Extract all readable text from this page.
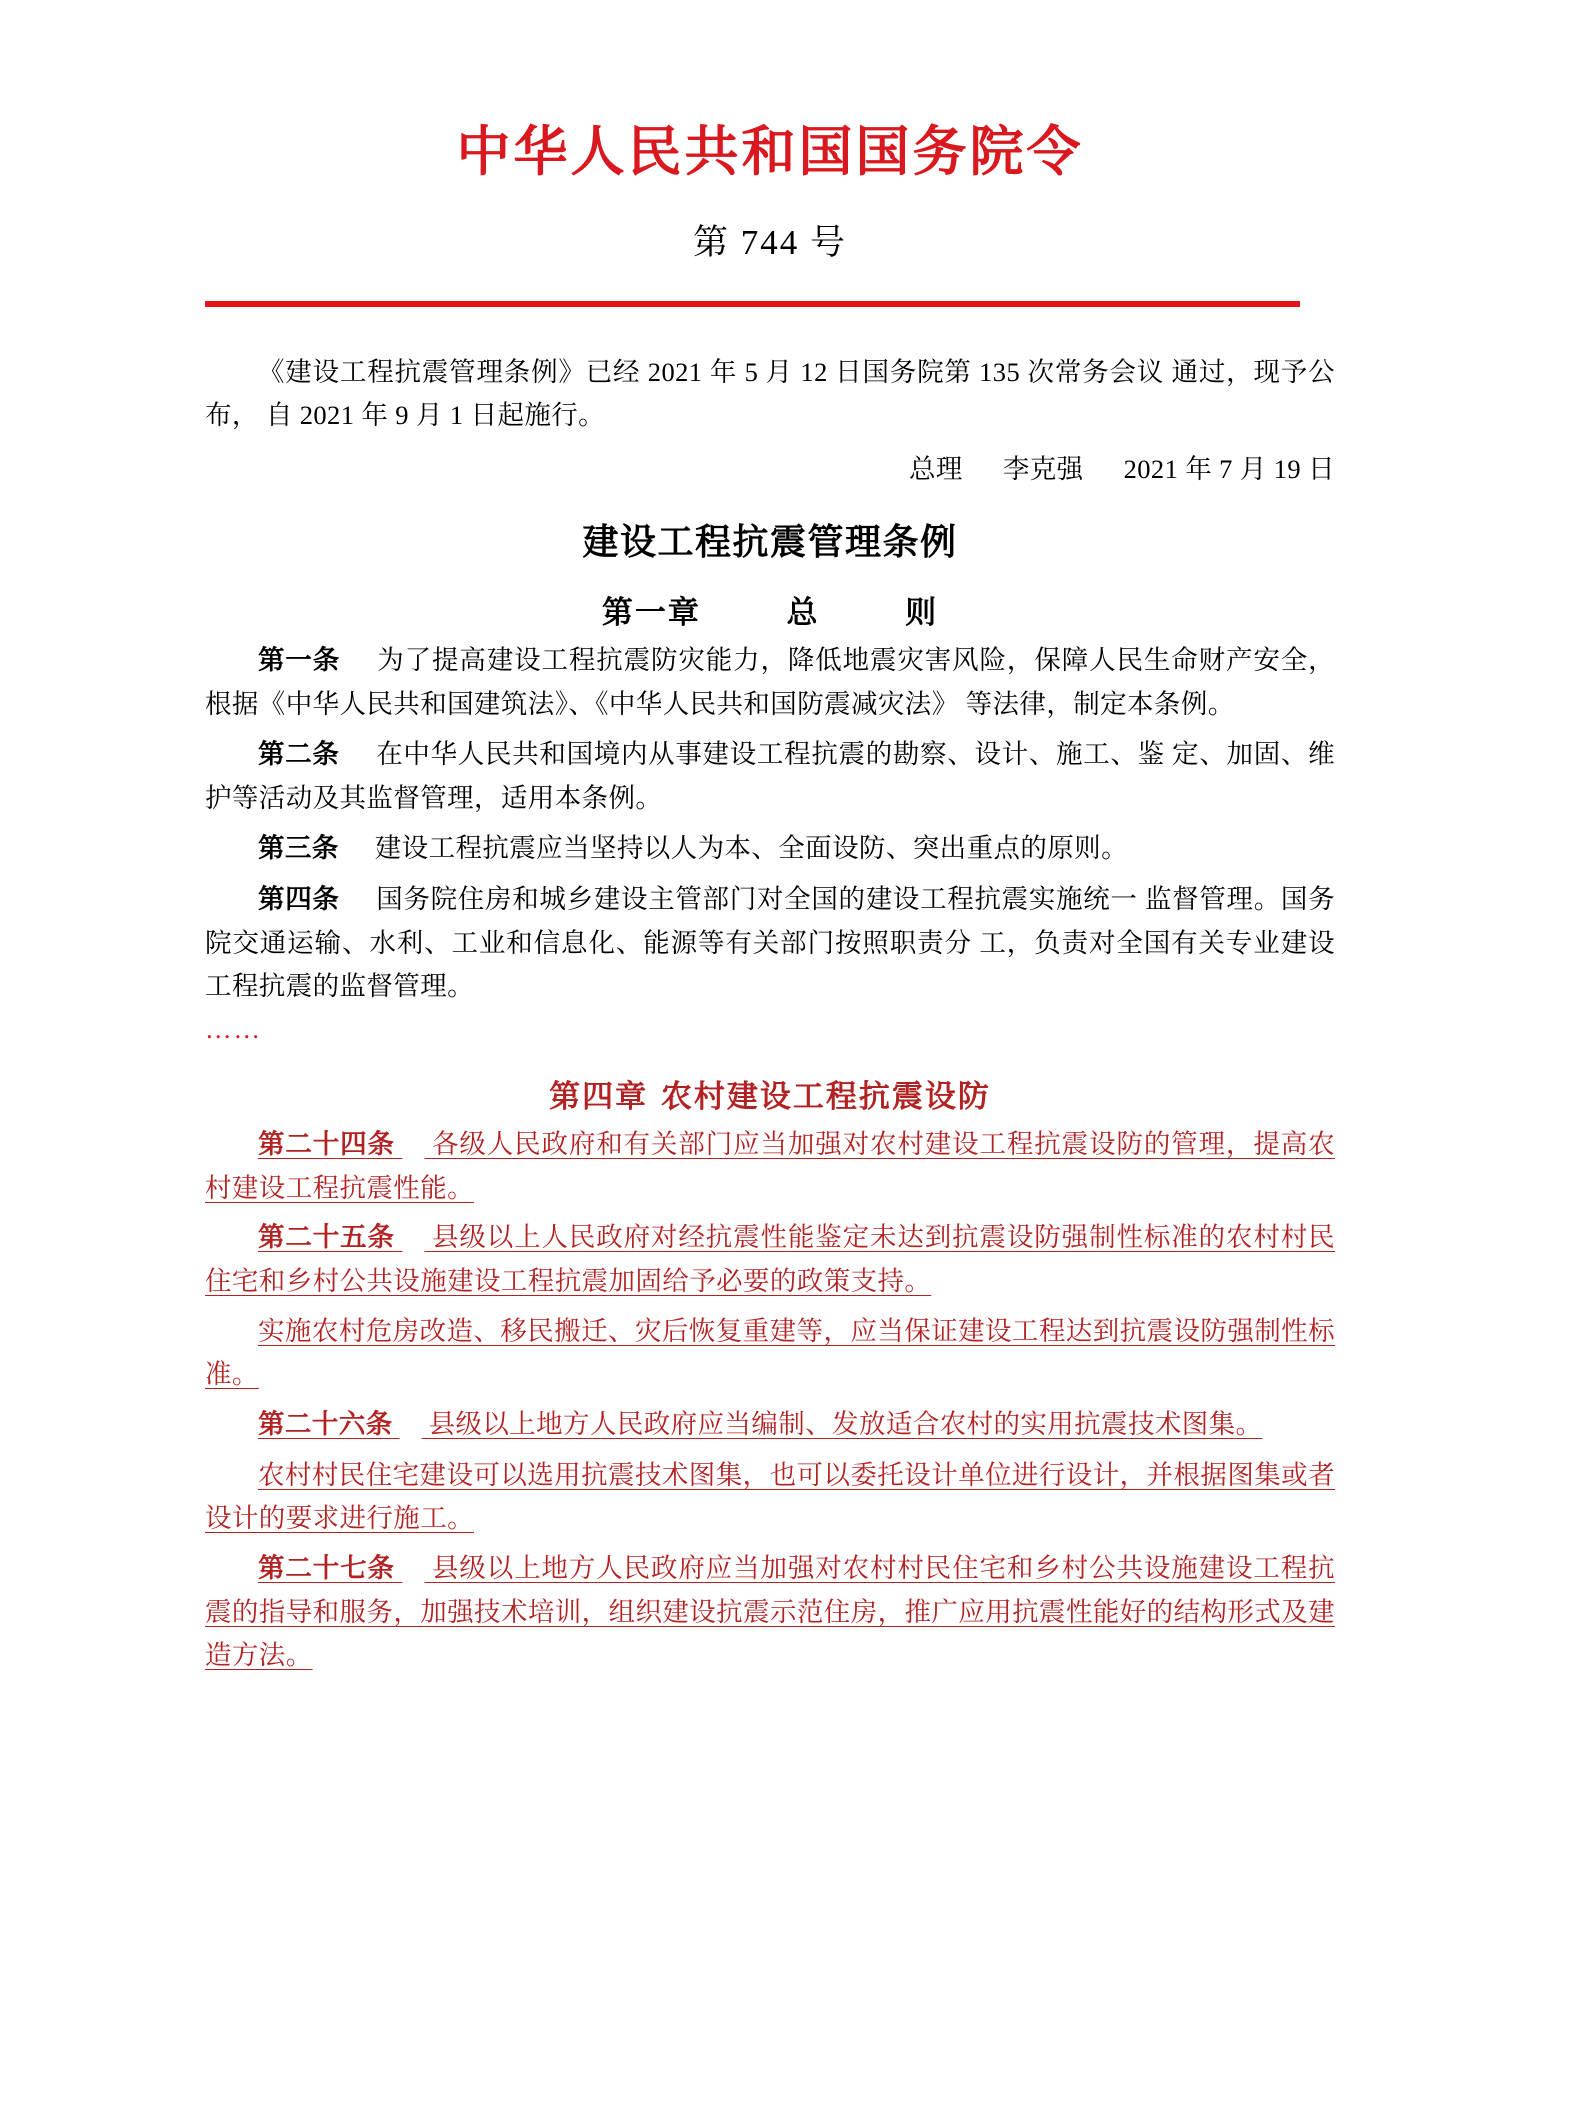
中华人民共和国国务院令
第 744 号

《建设工程抗震管理条例》已经 2021 年 5 月 12 日国务院第 135 次常务会议 通过，现予公布， 自 2021 年 9 月 1 日起施行。

总理 李克强 2021 年 7 月 19 日
建设工程抗震管理条例
第一章	总	则

第一条 为了提高建设工程抗震防灾能力，降低地震灾害风险，保障人民生命财产安全，根据《中华人民共和国建筑法》、《中华人民共和国防震减灾法》 等法律，制定本条例。

第二条 在中华人民共和国境内从事建设工程抗震的勘察、设计、施工、鉴 定、加固、维护等活动及其监督管理，适用本条例。

第三条 建设工程抗震应当坚持以人为本、全面设防、突出重点的原则。

第四条 国务院住房和城乡建设主管部门对全国的建设工程抗震实施统一 监督管理。国务院交通运输、水利、工业和信息化、能源等有关部门按照职责分 工，负责对全国有关专业建设工程抗震的监督管理。

……
第四章 农村建设工程抗震设防

第二十四条 各级人民政府和有关部门应当加强对农村建设工程抗震设防的管理，提高农村建设工程抗震性能。

第二十五条 县级以上人民政府对经抗震性能鉴定未达到抗震设防强制性标准的农村村民住宅和乡村公共设施建设工程抗震加固给予必要的政策支持。

实施农村危房改造、移民搬迁、灾后恢复重建等，应当保证建设工程达到抗震设防强制性标准。

第二十六条 县级以上地方人民政府应当编制、发放适合农村的实用抗震技术图集。

农村村民住宅建设可以选用抗震技术图集，也可以委托设计单位进行设计，并根据图集或者设计的要求进行施工。

第二十七条 县级以上地方人民政府应当加强对农村村民住宅和乡村公共设施建设工程抗震的指导和服务，加强技术培训，组织建设抗震示范住房，推广应用抗震性能好的结构形式及建造方法。
